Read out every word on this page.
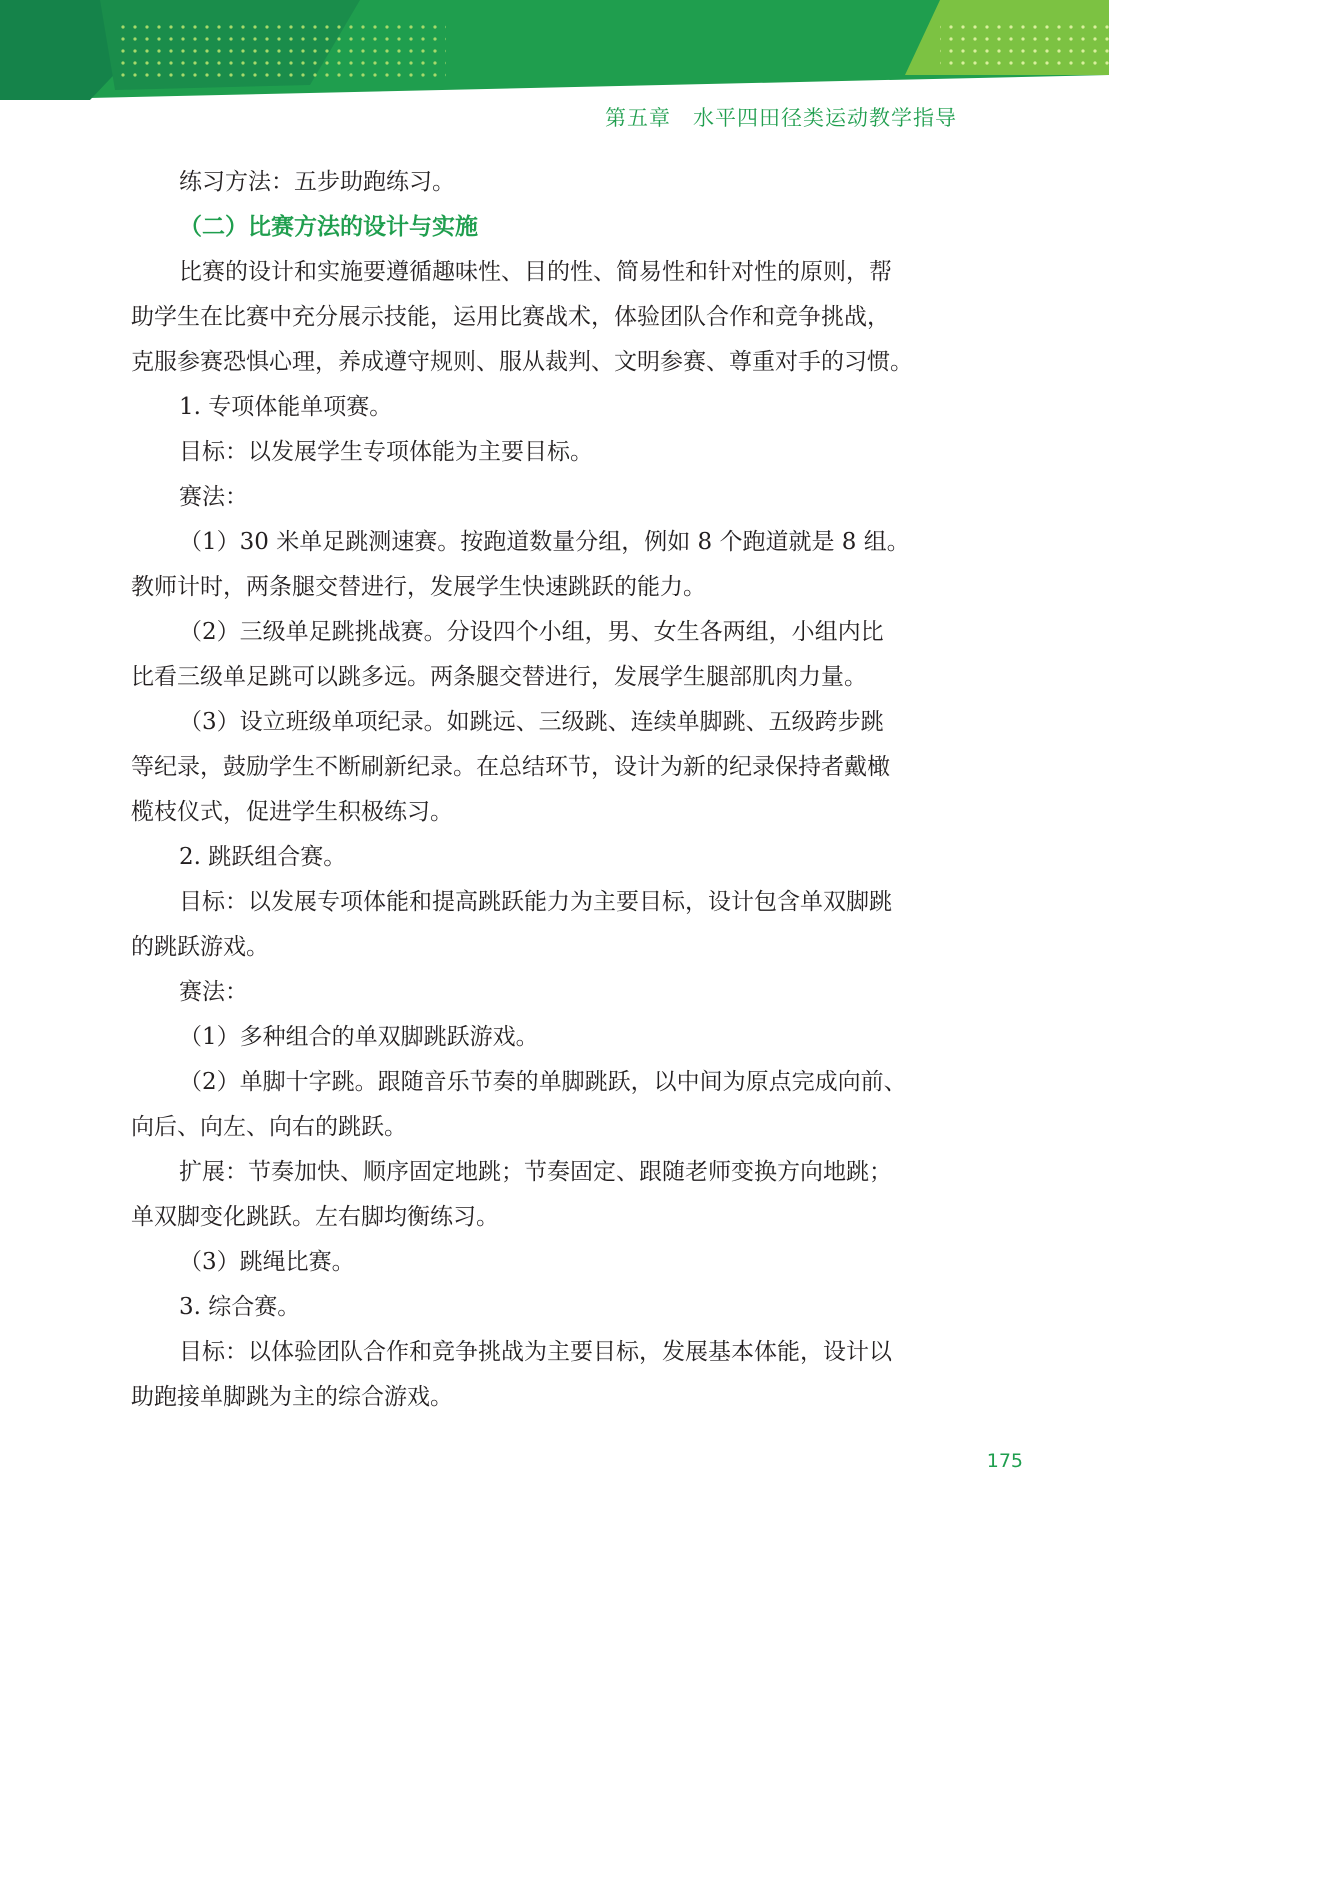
第五章　水平四田径类运动教学指导

练习方法：五步助跑练习。

（二）比赛方法的设计与实施

比赛的设计和实施要遵循趣味性、目的性、简易性和针对性的原则，帮

助学生在比赛中充分展示技能，运用比赛战术，体验团队合作和竞争挑战，

克服参赛恐惧心理，养成遵守规则、服从裁判、文明参赛、尊重对手的习惯。

1. 专项体能单项赛。

目标：以发展学生专项体能为主要目标。

赛法：

（1）30 米单足跳测速赛。按跑道数量分组，例如 8 个跑道就是 8 组。

教师计时，两条腿交替进行，发展学生快速跳跃的能力。

（2）三级单足跳挑战赛。分设四个小组，男、女生各两组，小组内比

比看三级单足跳可以跳多远。两条腿交替进行，发展学生腿部肌肉力量。

（3）设立班级单项纪录。如跳远、三级跳、连续单脚跳、五级跨步跳

等纪录，鼓励学生不断刷新纪录。在总结环节，设计为新的纪录保持者戴橄

榄枝仪式，促进学生积极练习。

2. 跳跃组合赛。

目标：以发展专项体能和提高跳跃能力为主要目标，设计包含单双脚跳

的跳跃游戏。

赛法：

（1）多种组合的单双脚跳跃游戏。

（2）单脚十字跳。跟随音乐节奏的单脚跳跃，以中间为原点完成向前、

向后、向左、向右的跳跃。

扩展：节奏加快、顺序固定地跳；节奏固定、跟随老师变换方向地跳；

单双脚变化跳跃。左右脚均衡练习。

（3）跳绳比赛。

3. 综合赛。

目标：以体验团队合作和竞争挑战为主要目标，发展基本体能，设计以

助跑接单脚跳为主的综合游戏。

175
